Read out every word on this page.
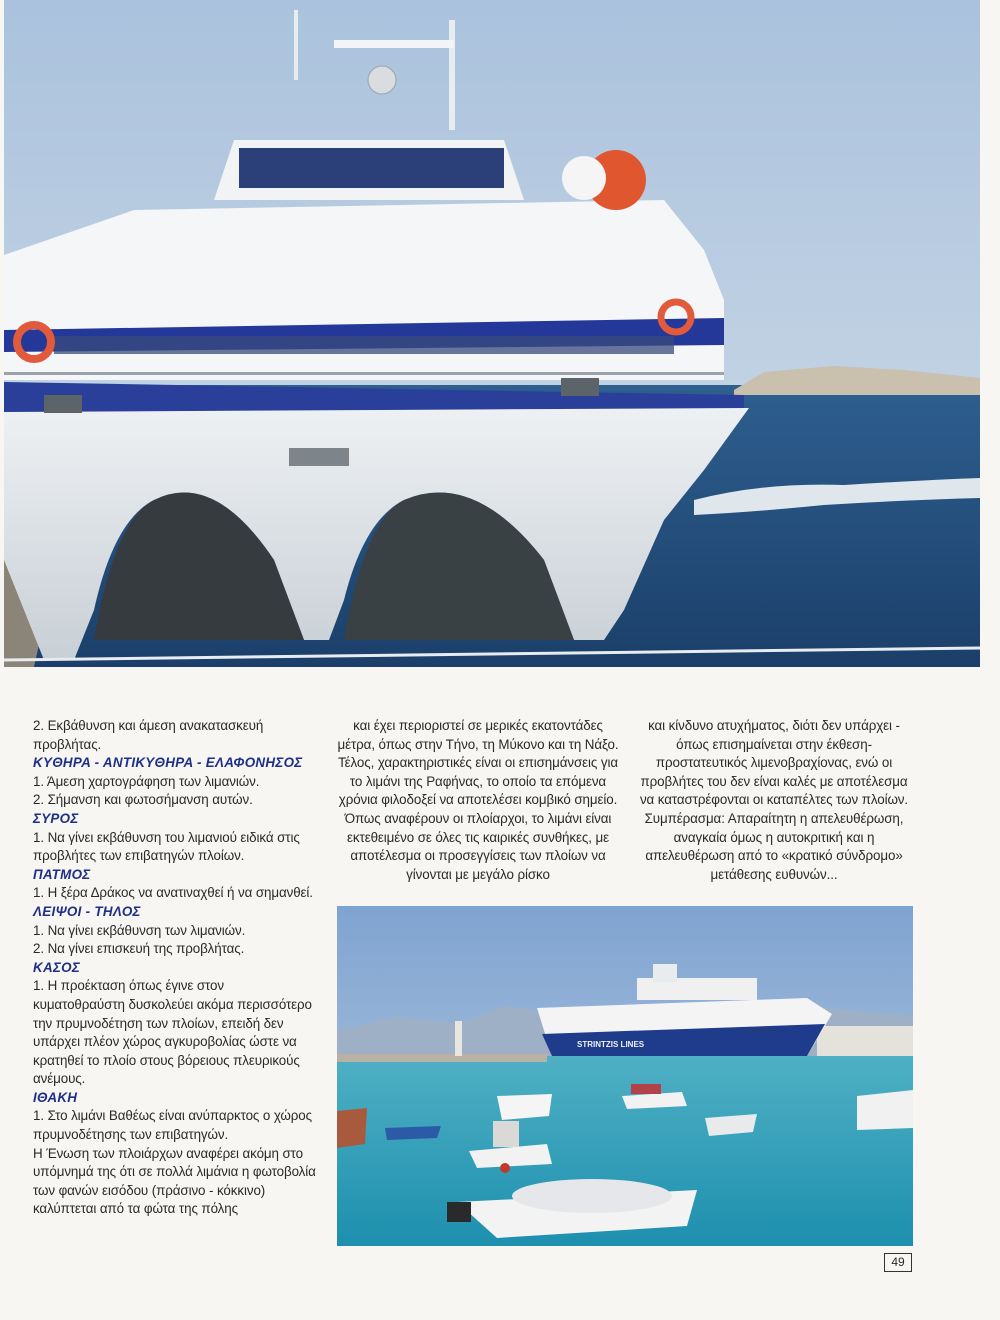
STRINTZIS LINES
SUPERFERRY II

2. Εκβάθυνση και άμεση ανακατασκευή προβλήτας.

ΚΥΘΗΡΑ - ΑΝΤΙΚΥΘΗΡΑ - ΕΛΑΦΟΝΗΣΟΣ

1. Άμεση χαρτογράφηση των λιμανιών.

2. Σήμανση και φωτοσήμανση αυτών.

ΣΥΡΟΣ

1. Να γίνει εκβάθυνση του λιμανιού ειδικά στις προβλήτες των επιβατηγών πλοίων.

ΠΑΤΜΟΣ

1. Η ξέρα Δράκος να ανατιναχθεί ή να σημανθεί.

ΛΕΙΨΟΙ - ΤΗΛΟΣ

1. Να γίνει εκβάθυνση των λιμανιών.

2. Να γίνει επισκευή της προβλήτας.

ΚΑΣΟΣ

1. Η προέκταση όπως έγινε στον κυματοθραύστη δυσκολεύει ακόμα περισσότερο την πρυμνοδέτηση των πλοίων, επειδή δεν υπάρχει πλέον χώρος αγκυροβολίας ώστε να κρατηθεί το πλοίο στους βόρειους πλευρικούς ανέμους.

ΙΘΑΚΗ

1. Στο λιμάνι Βαθέως είναι ανύπαρκτος ο χώρος πρυμνοδέτησης των επιβατηγών.

Η Ένωση των πλοιάρχων αναφέρει ακόμη στο υπόμνημά της ότι σε πολλά λιμάνια η φωτοβολία των φανών εισόδου (πράσινο - κόκκινο) καλύπτεται από τα φώτα της πόλης

και έχει περιοριστεί σε μερικές εκατοντάδες μέτρα, όπως στην Τήνο, τη Μύκονο και τη Νάξο.

Τέλος, χαρακτηριστικές είναι οι επισημάνσεις για το λιμάνι της Ραφήνας, το οποίο τα επόμενα χρόνια φιλοδοξεί να αποτελέσει κομβικό σημείο. Όπως αναφέρουν οι πλοίαρχοι, το λιμάνι είναι εκτεθειμένο σε όλες τις καιρικές συνθήκες, με αποτέλεσμα οι προσεγγίσεις των πλοίων να γίνονται με μεγάλο ρίσκο

και κίνδυνο ατυχήματος, διότι δεν υπάρχει - όπως επισημαίνεται στην έκθεση- προστατευτικός λιμενοβραχίονας, ενώ οι προβλήτες του δεν είναι καλές με αποτέλεσμα να καταστρέφονται οι καταπέλτες των πλοίων.

Συμπέρασμα: Απαραίτητη η απελευθέρωση, αναγκαία όμως η αυτοκριτική και η απελευθέρωση από το «κρατικό σύνδρομο» μετάθεσης ευθυνών...

49
